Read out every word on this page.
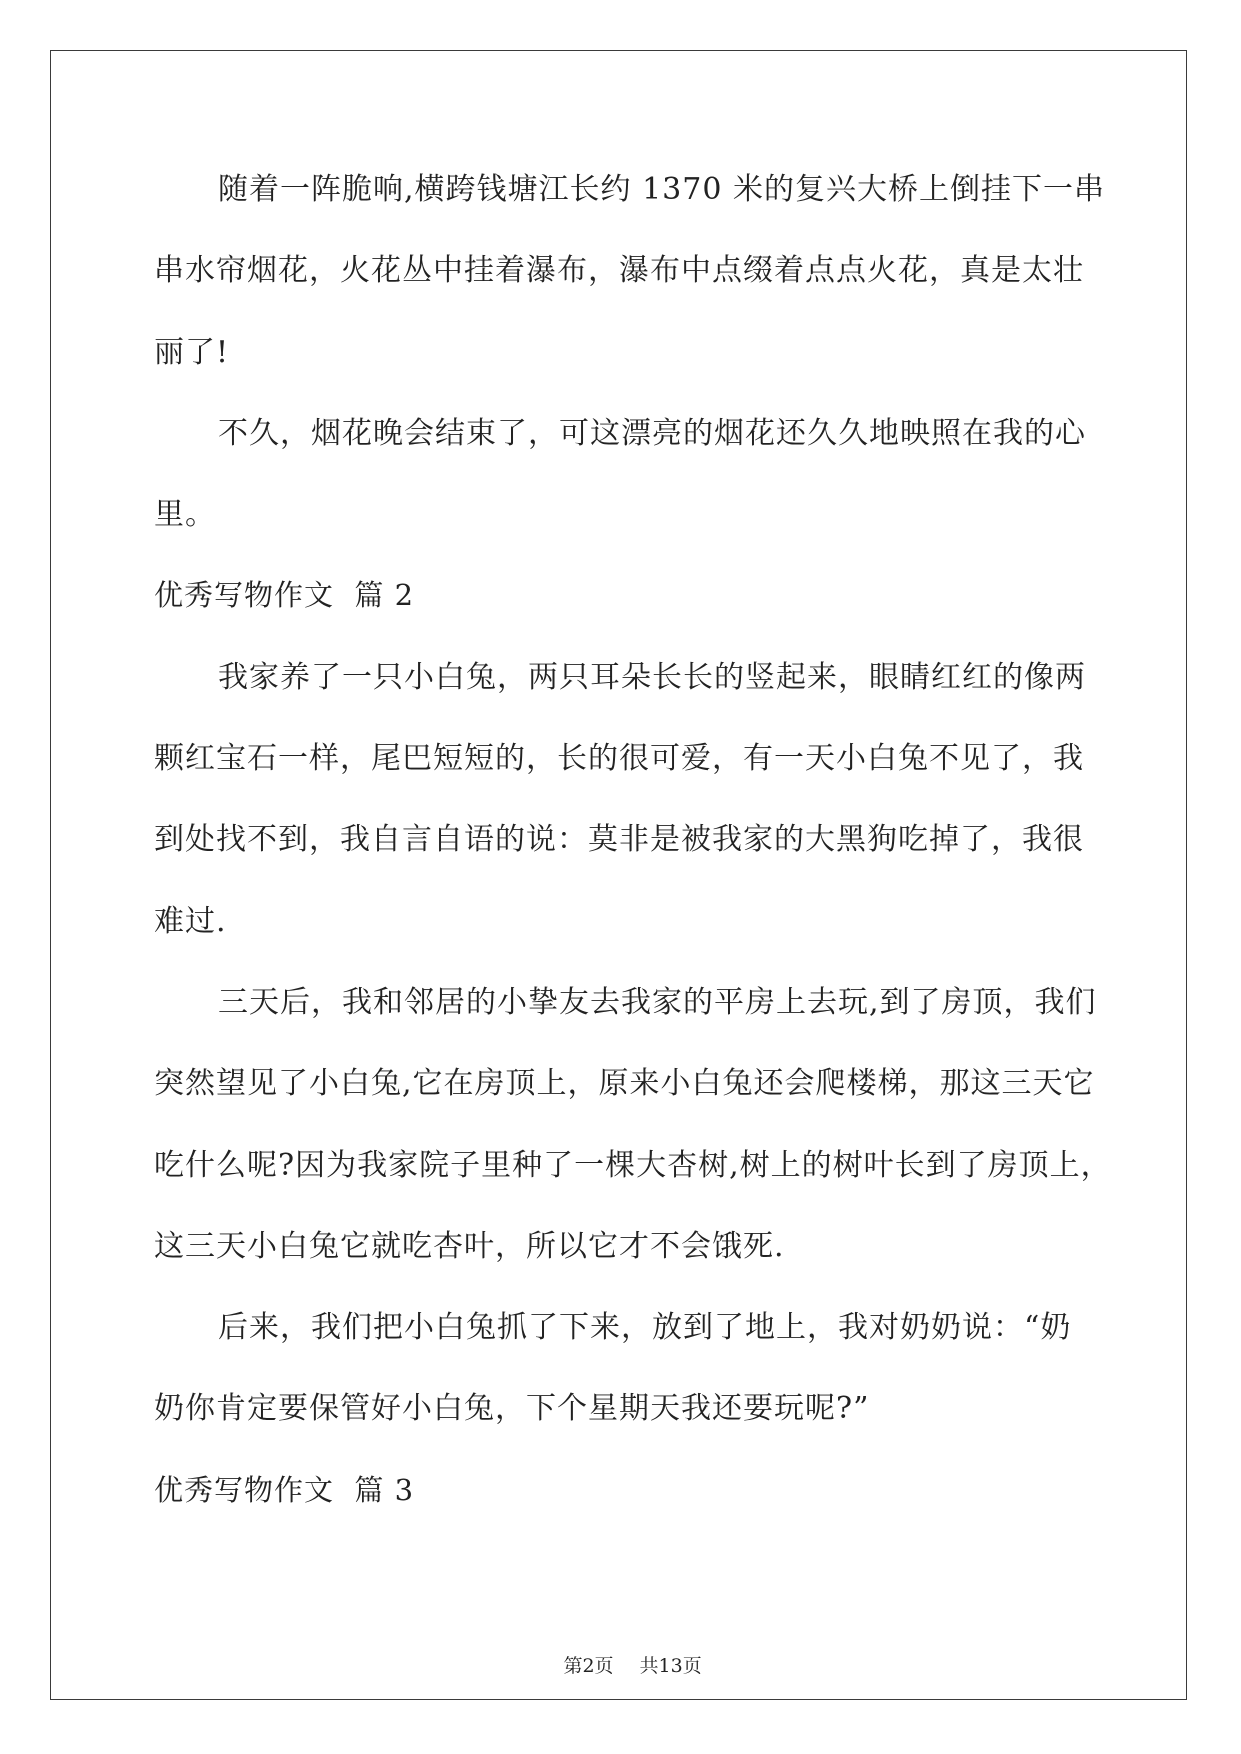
随着一阵脆响,横跨钱塘江长约 1370 米的复兴大桥上倒挂下一串
串水帘烟花，火花丛中挂着瀑布，瀑布中点缀着点点火花，真是太壮
丽了!
不久，烟花晚会结束了，可这漂亮的烟花还久久地映照在我的心
里。
优秀写物作文  篇 2
我家养了一只小白兔，两只耳朵长长的竖起来，眼睛红红的像两
颗红宝石一样，尾巴短短的，长的很可爱，有一天小白兔不见了，我
到处找不到，我自言自语的说：莫非是被我家的大黑狗吃掉了，我很
难过.
三天后，我和邻居的小挚友去我家的平房上去玩,到了房顶，我们
突然望见了小白兔,它在房顶上，原来小白兔还会爬楼梯，那这三天它
吃什么呢?因为我家院子里种了一棵大杏树,树上的树叶长到了房顶上，
这三天小白兔它就吃杏叶，所以它才不会饿死.
后来，我们把小白兔抓了下来，放到了地上，我对奶奶说：“奶
奶你肯定要保管好小白兔，下个星期天我还要玩呢?”
优秀写物作文  篇 3

第2页 共13页
